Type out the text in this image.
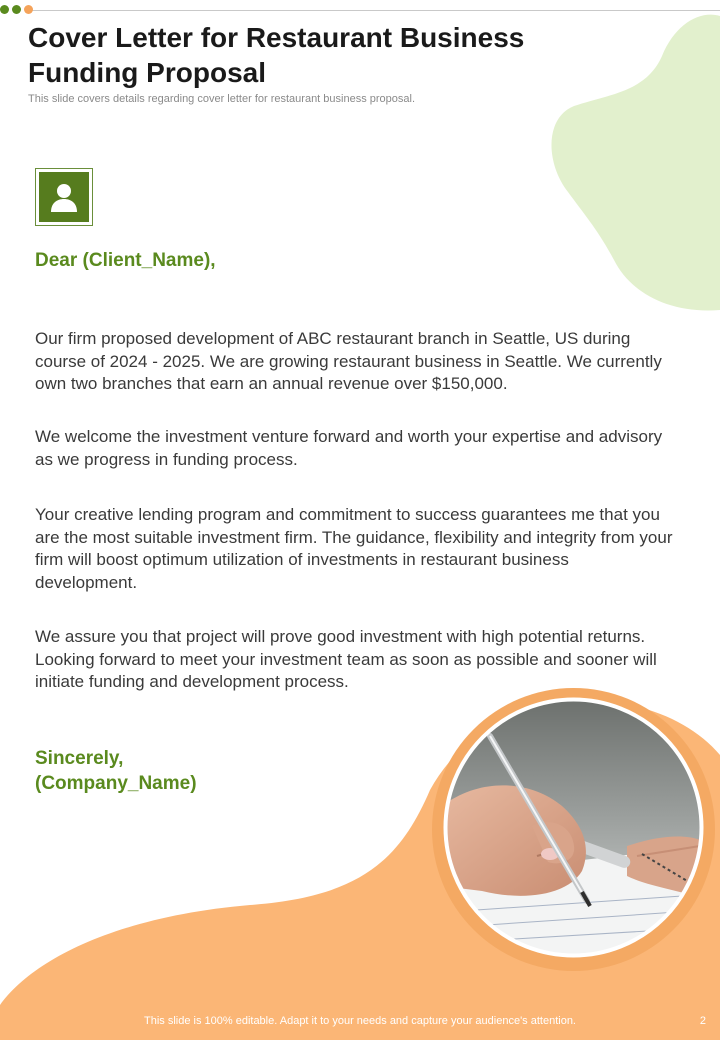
Cover Letter for Restaurant Business Funding Proposal

This slide covers details regarding cover letter for restaurant business proposal.

Dear (Client_Name),

Our firm proposed development of ABC restaurant branch in Seattle, US during course of 2024 - 2025. We are growing restaurant business in Seattle. We currently own two branches that earn an annual revenue over $150,000.

We welcome the investment venture forward and worth your expertise and advisory as we progress in funding process.

Your creative lending program and commitment to success guarantees me that you are the most suitable investment firm. The guidance, flexibility and integrity from your firm will boost optimum utilization of investments in restaurant business development.

We assure you that project will prove good investment with high potential returns. Looking forward to meet your investment team as soon as possible and sooner will initiate funding and development process.

Sincerely,
(Company_Name)

This slide is 100% editable. Adapt it to your needs and capture your audience's attention.	2
